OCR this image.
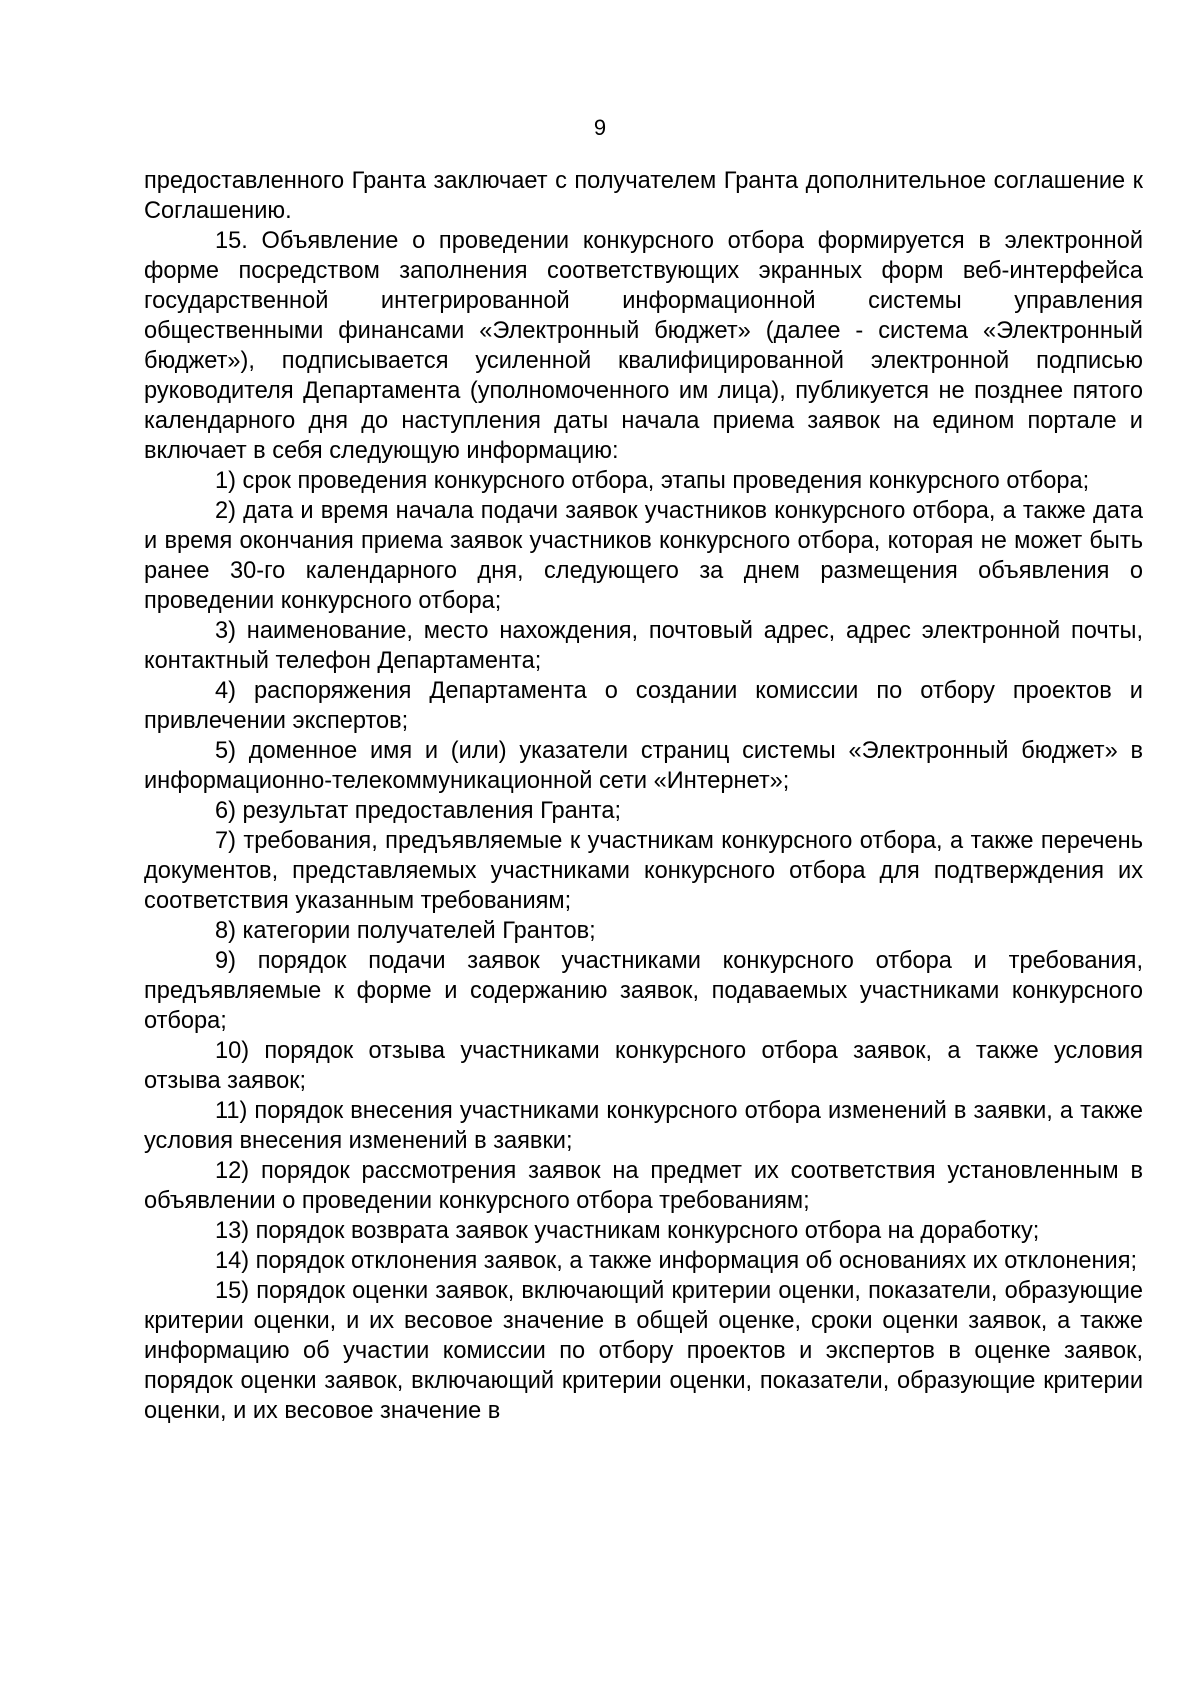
9

предоставленного Гранта заключает с получателем Гранта дополнительное соглашение к Соглашению.

15. Объявление о проведении конкурсного отбора формируется в электронной форме посредством заполнения соответствующих экранных форм веб-интерфейса государственной интегрированной информационной системы управления общественными финансами «Электронный бюджет» (далее - система «Электронный бюджет»), подписывается усиленной квалифицированной электронной подписью руководителя Департамента (уполномоченного им лица), публикуется не позднее пятого календарного дня до наступления даты начала приема заявок на едином портале и включает в себя следующую информацию:

1) срок проведения конкурсного отбора, этапы проведения конкурсного отбора;

2) дата и время начала подачи заявок участников конкурсного отбора, а также дата и время окончания приема заявок участников конкурсного отбора, которая не может быть ранее 30-го календарного дня, следующего за днем размещения объявления о проведении конкурсного отбора;

3) наименование, место нахождения, почтовый адрес, адрес электронной почты, контактный телефон Департамента;

4) распоряжения Департамента о создании комиссии по отбору проектов и привлечении экспертов;

5) доменное имя и (или) указатели страниц системы «Электронный бюджет» в информационно-телекоммуникационной сети «Интернет»;

6) результат предоставления Гранта;

7) требования, предъявляемые к участникам конкурсного отбора, а также перечень документов, представляемых участниками конкурсного отбора для подтверждения их соответствия указанным требованиям;

8) категории получателей Грантов;

9) порядок подачи заявок участниками конкурсного отбора и требования, предъявляемые к форме и содержанию заявок, подаваемых участниками конкурсного отбора;

10) порядок отзыва участниками конкурсного отбора заявок, а также условия отзыва заявок;

11) порядок внесения участниками конкурсного отбора изменений в заявки, а также условия внесения изменений в заявки;

12) порядок рассмотрения заявок на предмет их соответствия установленным в объявлении о проведении конкурсного отбора требованиям;

13) порядок возврата заявок участникам конкурсного отбора на доработку;

14) порядок отклонения заявок, а также информация об основаниях их отклонения;

15) порядок оценки заявок, включающий критерии оценки, показатели, образующие критерии оценки, и их весовое значение в общей оценке, сроки оценки заявок, а также информацию об участии комиссии по отбору проектов и экспертов в оценке заявок, порядок оценки заявок, включающий критерии оценки, показатели, образующие критерии оценки, и их весовое значение в
